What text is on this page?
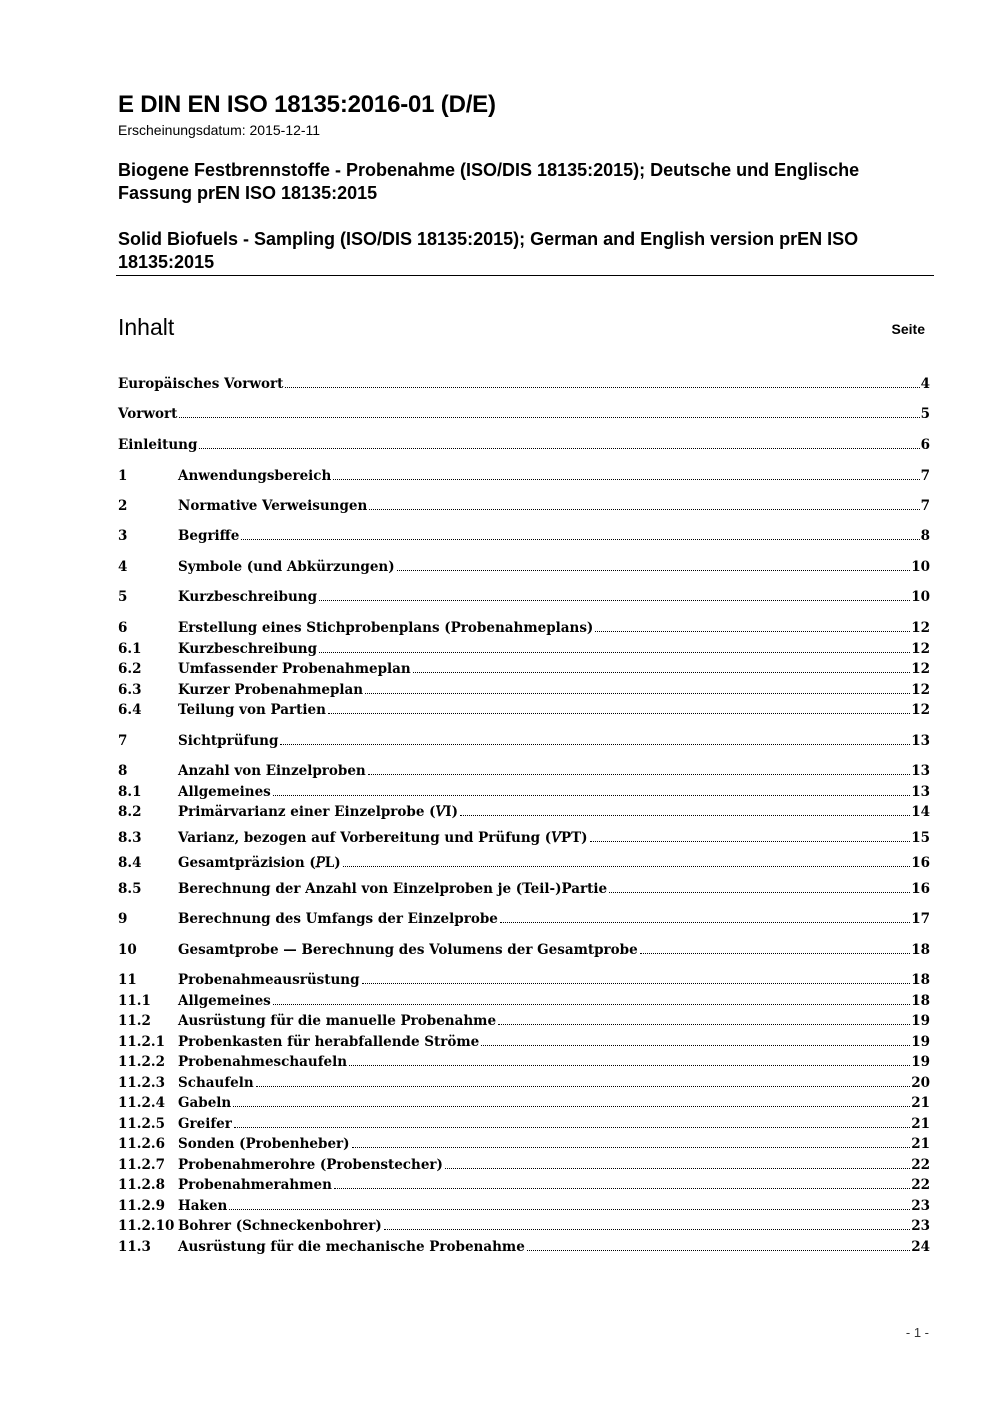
E DIN EN ISO 18135:2016-01 (D/E)
Erscheinungsdatum: 2015-12-11
Biogene Festbrennstoffe - Probenahme (ISO/DIS 18135:2015); Deutsche und Englische Fassung prEN ISO 18135:2015
Solid Biofuels - Sampling (ISO/DIS 18135:2015); German and English version prEN ISO 18135:2015
Inhalt	Seite
Europäisches Vorwort	4
Vorwort	5
Einleitung	6
1	Anwendungsbereich	7
2	Normative Verweisungen	7
3	Begriffe	8
4	Symbole (und Abkürzungen)	10
5	Kurzbeschreibung	10
6	Erstellung eines Stichprobenplans (Probenahmeplans)	12
6.1	Kurzbeschreibung	12
6.2	Umfassender Probenahmeplan	12
6.3	Kurzer Probenahmeplan	12
6.4	Teilung von Partien	12
7	Sichtprüfung	13
8	Anzahl von Einzelproben	13
8.1	Allgemeines	13
8.2	Primärvarianz einer Einzelprobe (𝑉I)	14
8.3	Varianz, bezogen auf Vorbereitung und Prüfung (𝑉PT)	15
8.4	Gesamtpräzision (𝑃L)	16
8.5	Berechnung der Anzahl von Einzelproben je (Teil-)Partie	16
9	Berechnung des Umfangs der Einzelprobe	17
10	Gesamtprobe — Berechnung des Volumens der Gesamtprobe	18
11	Probenahmeausrüstung	18
11.1	Allgemeines	18
11.2	Ausrüstung für die manuelle Probenahme	19
11.2.1 Probenkasten für herabfallende Ströme	19
11.2.2 Probenahmeschaufeln	19
11.2.3 Schaufeln	20
11.2.4 Gabeln	21
11.2.5 Greifer	21
11.2.6 Sonden (Probenheber)	21
11.2.7 Probenahmerohre (Probenstecher)	22
11.2.8 Probenahmerahmen	22
11.2.9 Haken	23
11.2.10 Bohrer (Schneckenbohrer)	23
11.3	Ausrüstung für die mechanische Probenahme	24
- 1 -
